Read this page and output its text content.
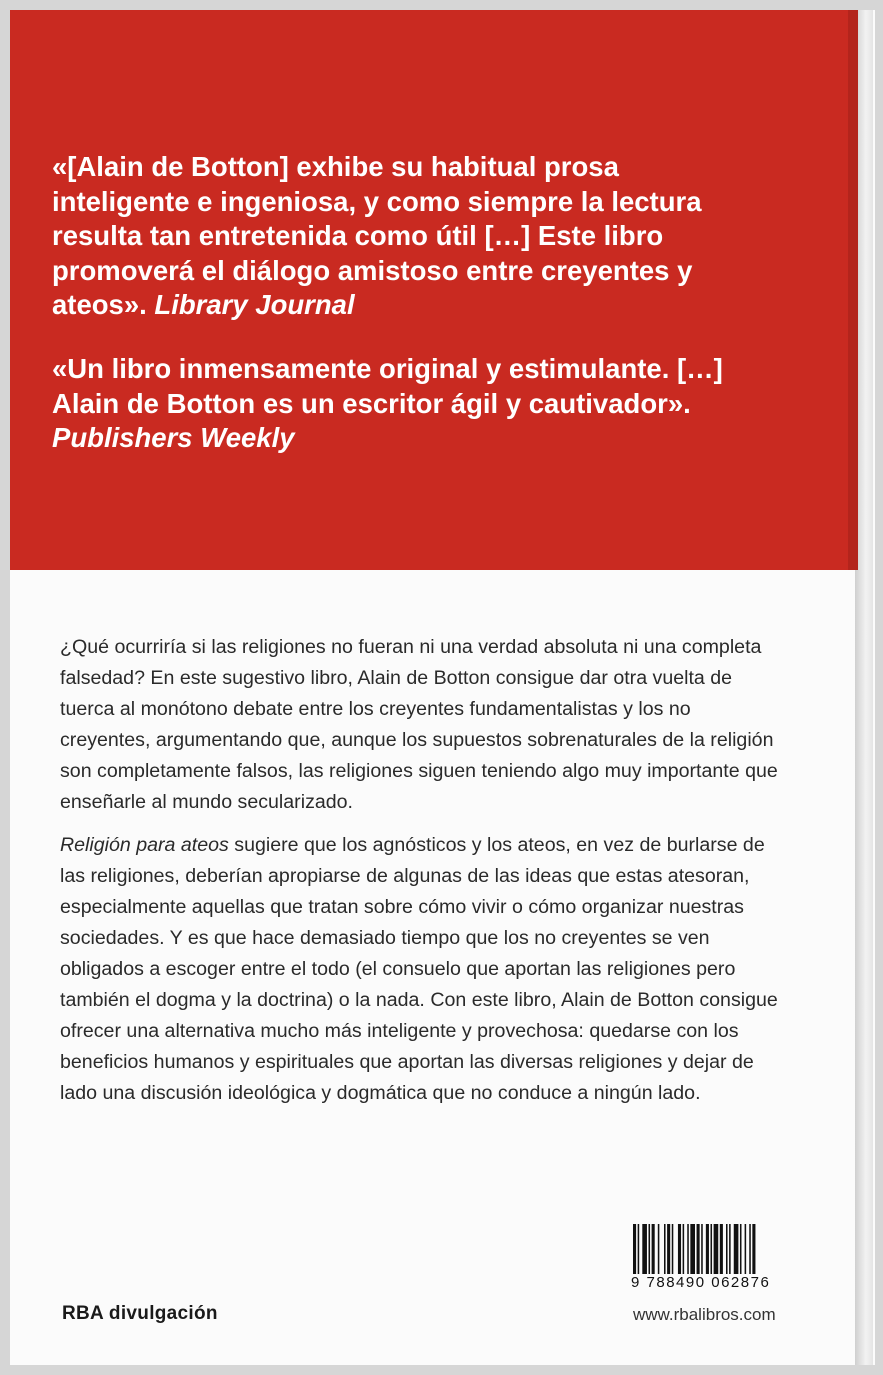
«[Alain de Botton] exhibe su habitual prosa inteligente e ingeniosa, y como siempre la lectura resulta tan entretenida como útil […] Este libro promoverá el diálogo amistoso entre creyentes y ateos». Library Journal

«Un libro inmensamente original y estimulante. […] Alain de Botton es un escritor ágil y cautivador». Publishers Weekly

¿Qué ocurriría si las religiones no fueran ni una verdad absoluta ni una completa falsedad? En este sugestivo libro, Alain de Botton consigue dar otra vuelta de tuerca al monótono debate entre los creyentes fundamentalistas y los no creyentes, argumentando que, aunque los supuestos sobrenaturales de la religión son completamente falsos, las religiones siguen teniendo algo muy importante que enseñarle al mundo secularizado.

Religión para ateos sugiere que los agnósticos y los ateos, en vez de burlarse de las religiones, deberían apropiarse de algunas de las ideas que estas atesoran, especialmente aquellas que tratan sobre cómo vivir o cómo organizar nuestras sociedades. Y es que hace demasiado tiempo que los no creyentes se ven obligados a escoger entre el todo (el consuelo que aportan las religiones pero también el dogma y la doctrina) o la nada. Con este libro, Alain de Botton consigue ofrecer una alternativa mucho más inteligente y provechosa: quedarse con los beneficios humanos y espirituales que aportan las diversas religiones y dejar de lado una discusión ideológica y dogmática que no conduce a ningún lado.

9 788490 062876
RBA divulgación	www.rbalibros.com
